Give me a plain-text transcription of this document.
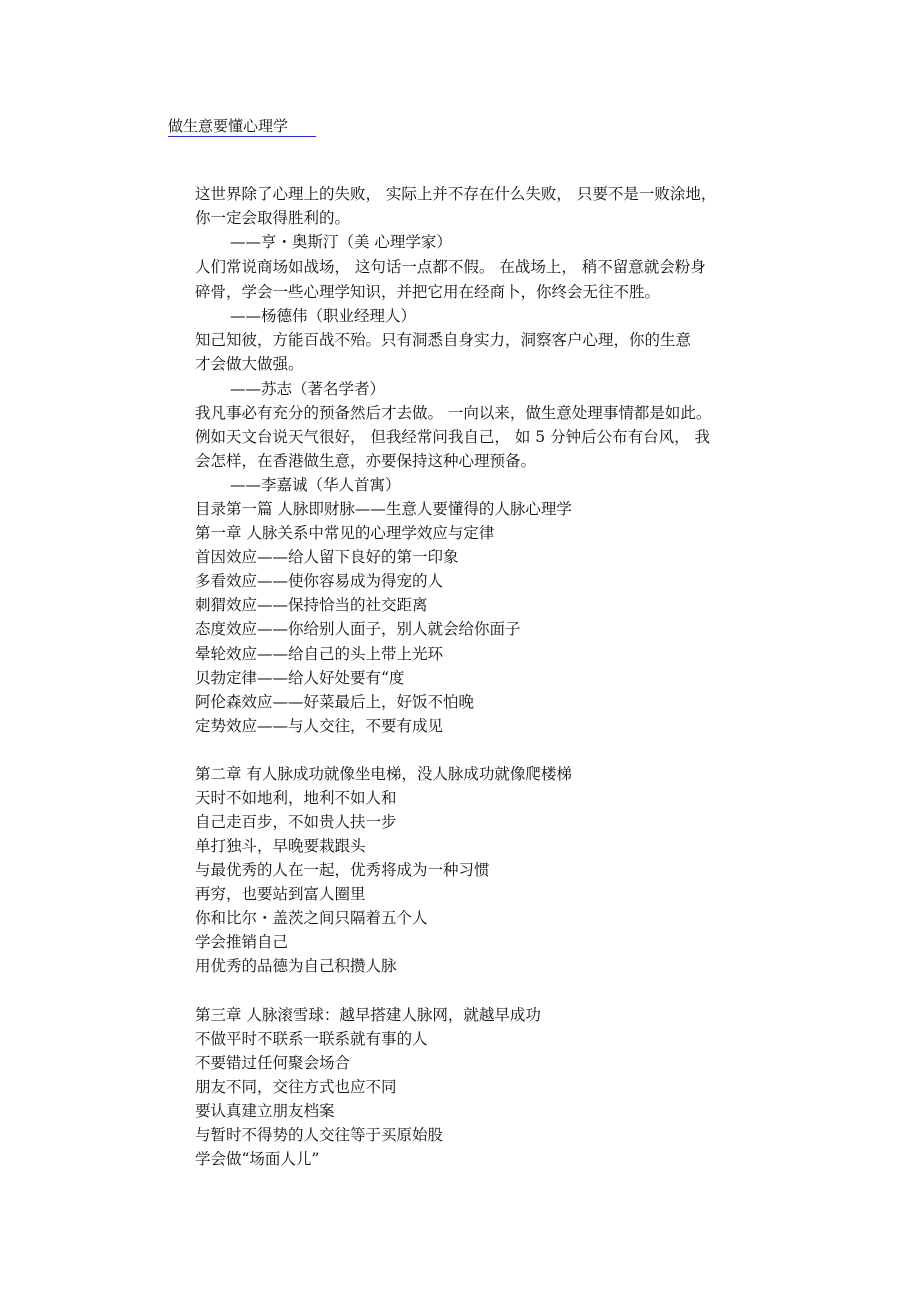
做生意要懂心理学
这世界除了心理上的失败， 实际上并不存在什么失败， 只要不是一败涂地，
你一定会取得胜利的。
——亨・奥斯汀（美 心理学家）
人们常说商场如战场， 这句话一点都不假。 在战场上， 稍不留意就会粉身
碎骨，学会一些心理学知识，并把它用在经商卜，你终会无往不胜。
——杨德伟（职业经理人）
知己知彼，方能百战不殆。只有洞悉自身实力，洞察客户心理，你的生意
才会做大做强。
——苏志（著名学者）
我凡事必有充分的预备然后才去做。 一向以来，做生意处理事情都是如此。
例如天文台说天气很好， 但我经常问我自己， 如 5 分钟后公布有台风， 我
会怎样，在香港做生意，亦要保持这种心理预备。
——李嘉诚（华人首寓）
目录第一篇 人脉即财脉——生意人要懂得的人脉心理学
第一章 人脉关系中常见的心理学效应与定律
首因效应——给人留下良好的第一印象
多看效应——使你容易成为得宠的人
刺猬效应——保持恰当的社交距离
态度效应——你给别人面子，别人就会给你面子
晕轮效应——给自己的头上带上光环
贝勃定律——给人好处要有“度
阿伦森效应——好菜最后上，好饭不怕晚
定势效应——与人交往，不要有成见
第二章 有人脉成功就像坐电梯，没人脉成功就像爬楼梯
天时不如地利，地利不如人和
自己走百步，不如贵人扶一步
单打独斗，早晚要栽跟头
与最优秀的人在一起，优秀将成为一种习惯
再穷，也要站到富人圈里
你和比尔・盖茨之间只隔着五个人
学会推销自己
用优秀的品德为自己积攒人脉
第三章 人脉滚雪球：越早搭建人脉网，就越早成功
不做平时不联系一联系就有事的人
不要错过任何聚会场合
朋友不同，交往方式也应不同
要认真建立朋友档案
与暂时不得势的人交往等于买原始股
学会做“场面人儿”
